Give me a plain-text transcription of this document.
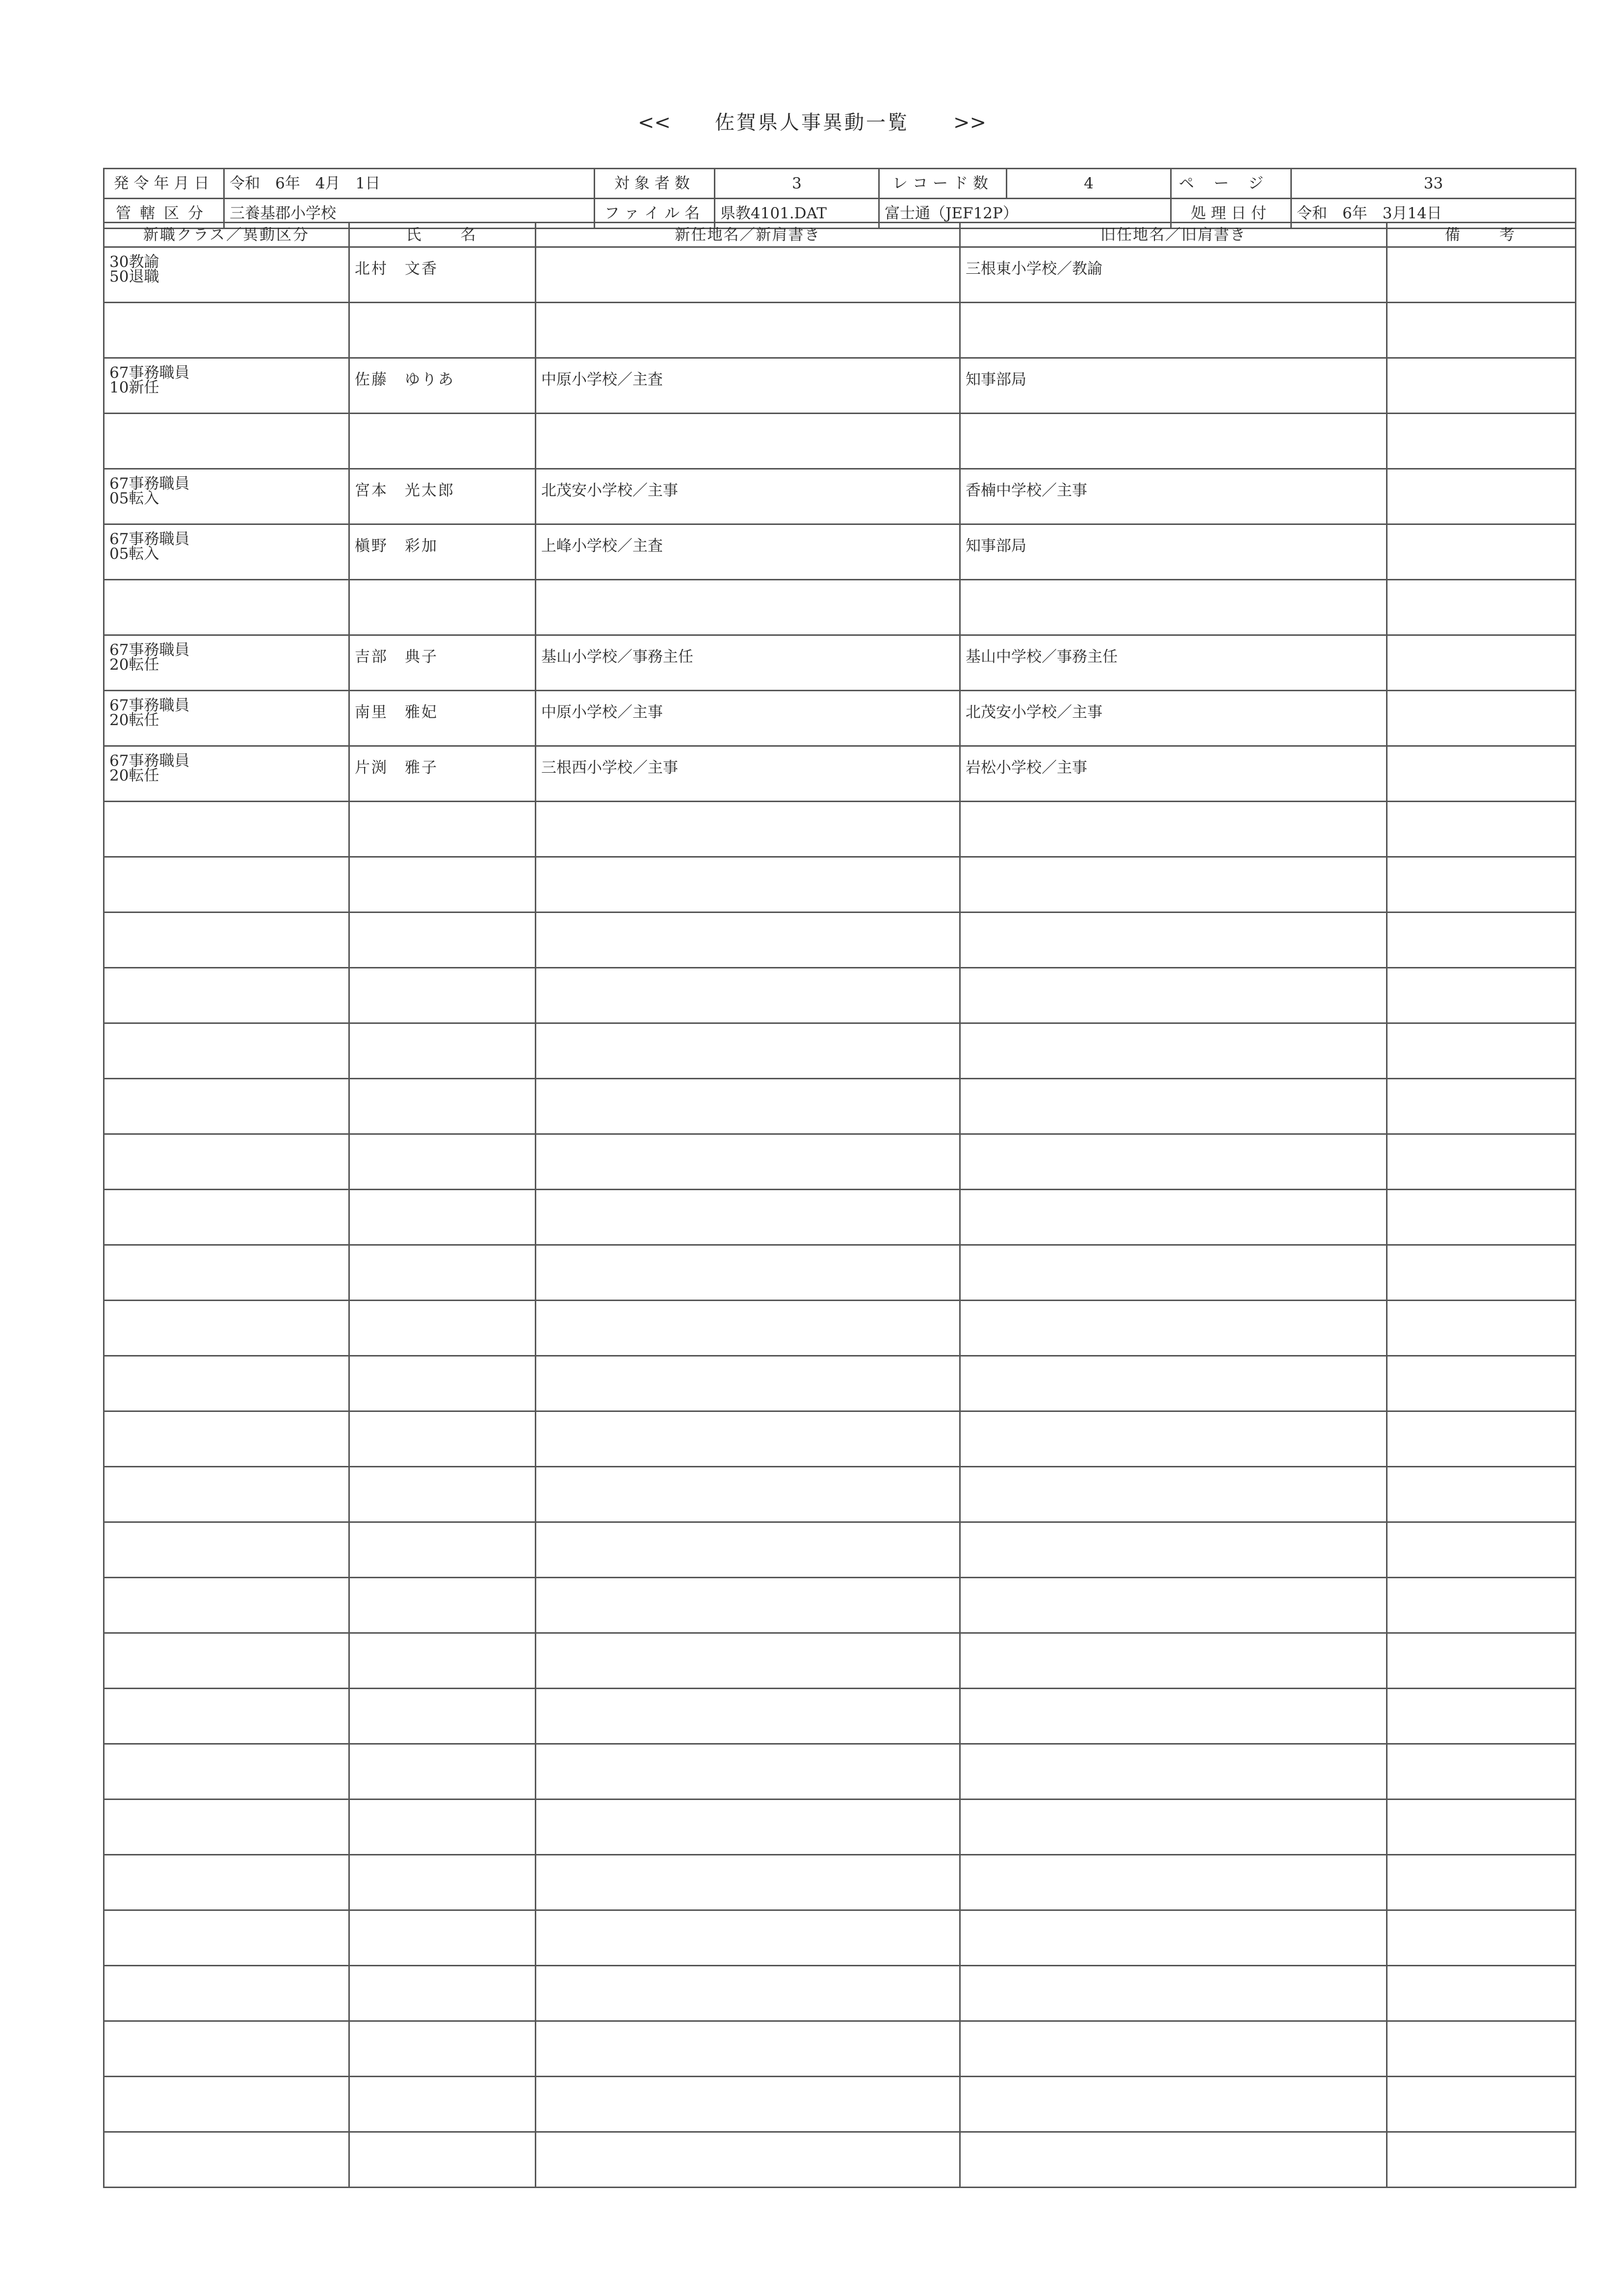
<< 佐賀県人事異動一覧 >>
発令年月日	令和　6年　4月　1日	対象者数	3	レコード数	4	ページ	33
管轄区分	三養基郡小学校	ファイル名	県教4101.DAT	富士通（JEF12P）		処理日付	令和　6年　3月14日
新職クラス／異動区分	氏　　名	新任地名／新肩書き	旧任地名／旧肩書き	備　　考

30教諭
50退職	北村　文香		三根東小学校／教諭	

67事務職員
10新任	佐藤　ゆりあ	中原小学校／主査	知事部局	

67事務職員
05転入	宮本　光太郎	北茂安小学校／主事	香楠中学校／主事	

67事務職員
05転入	槇野　彩加	上峰小学校／主査	知事部局	

67事務職員
20転任	吉部　典子	基山小学校／事務主任	基山中学校／事務主任	

67事務職員
20転任	南里　雅妃	中原小学校／主事	北茂安小学校／主事	

67事務職員
20転任	片渕　雅子	三根西小学校／主事	岩松小学校／主事	
